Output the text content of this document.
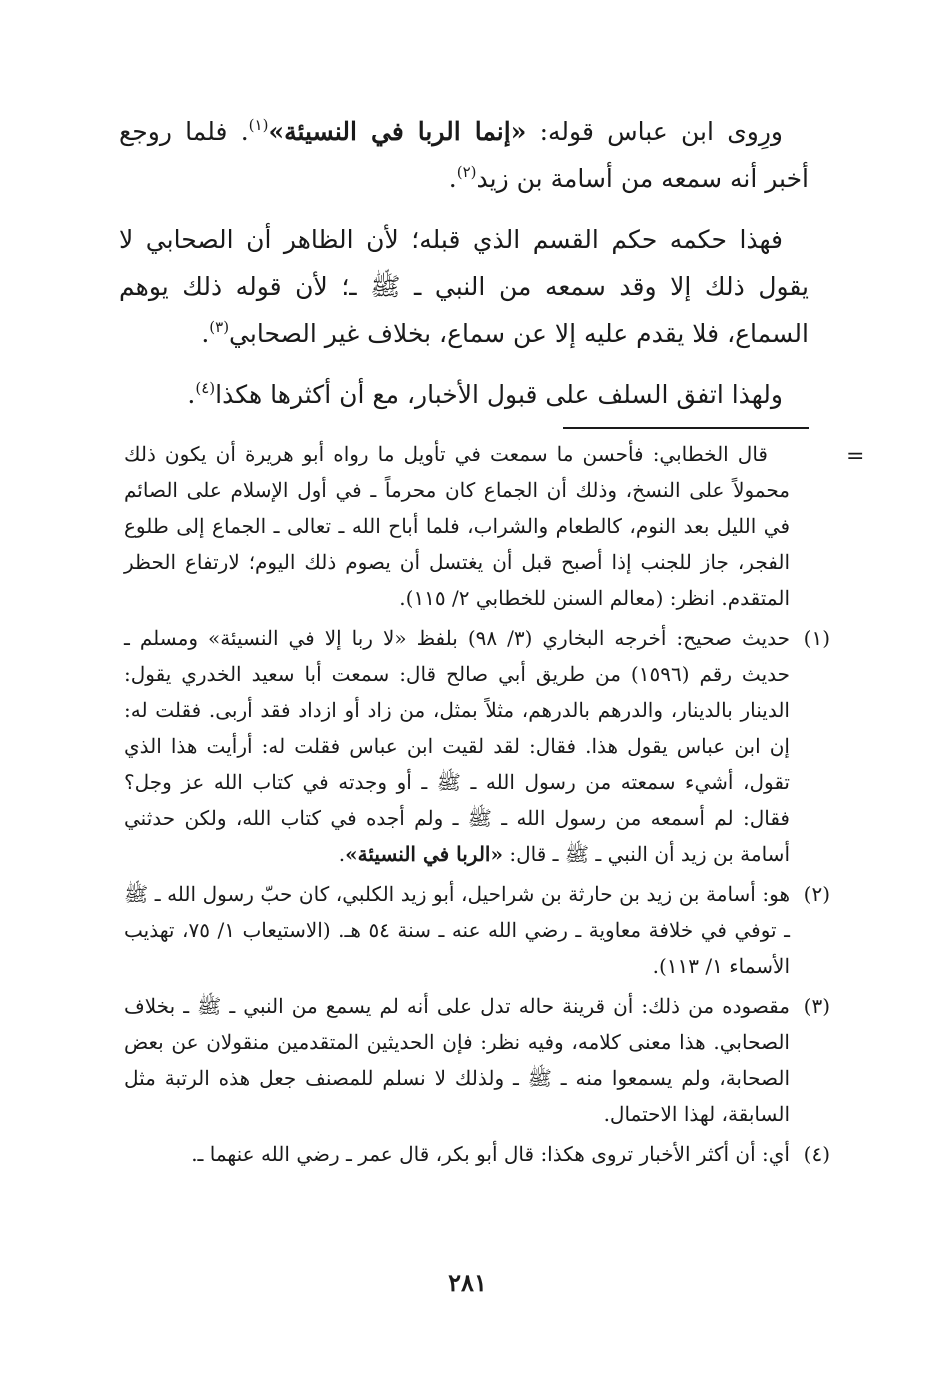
ورِوى ابن عباس قوله: «إنما الربا في النسيئة»$^{(١)}$. فلما روجع أخبر أنه سمعه من أسامة بن زيد$^{(٢)}$.

فهذا حكمه حكم القسم الذي قبله؛ لأن الظاهر أن الصحابي لا يقول ذلك إلا وقد سمعه من النبي ـ ﷺ ـ؛ لأن قوله ذلك يوهم السماع، فلا يقدم عليه إلا عن سماع، بخلاف غير الصحابي$^{(٣)}$.

ولهذا اتفق السلف على قبول الأخبار، مع أن أكثرها هكذا$^{(٤)}$.

=

قال الخطابي: فأحسن ما سمعت في تأويل ما رواه أبو هريرة أن يكون ذلك محمولاً على النسخ، وذلك أن الجماع كان محرماً ـ في أول الإسلام على الصائم في الليل بعد النوم، كالطعام والشراب، فلما أباح الله ـ تعالى ـ الجماع إلى طلوع الفجر، جاز للجنب إذا أصبح قبل أن يغتسل أن يصوم ذلك اليوم؛ لارتفاع الحظر المتقدم. انظر: (معالم السنن للخطابي ٢/ ١١٥).

(١)
حديث صحيح: أخرجه البخاري (٣/ ٩٨) بلفظ «لا ربا إلا في النسيئة» ومسلم ـ حديث رقم (١٥٩٦) من طريق أبي صالح قال: سمعت أبا سعيد الخدري يقول: الدينار بالدينار، والدرهم بالدرهم، مثلاً بمثل، من زاد أو ازداد فقد أربى. فقلت له: إن ابن عباس يقول هذا. فقال: لقد لقيت ابن عباس فقلت له: أرأيت هذا الذي تقول، أشيء سمعته من رسول الله ـ ﷺ ـ أو وجدته في كتاب الله عز وجل؟ فقال: لم أسمعه من رسول الله ـ ﷺ ـ ولم أجده في كتاب الله، ولكن حدثني أسامة بن زيد أن النبي ـ ﷺ ـ قال: «الربا في النسيئة».
(٢)
هو: أسامة بن زيد بن حارثة بن شراحيل، أبو زيد الكلبي، كان حبّ رسول الله ـ ﷺ ـ توفي في خلافة معاوية ـ رضي الله عنه ـ سنة ٥٤ هـ. (الاستيعاب ١/ ٧٥، تهذيب الأسماء ١/ ١١٣).
(٣)
مقصوده من ذلك: أن قرينة حاله تدل على أنه لم يسمع من النبي ـ ﷺ ـ بخلاف الصحابي. هذا معنى كلامه، وفيه نظر: فإن الحديثين المتقدمين منقولان عن بعض الصحابة، ولم يسمعوا منه ـ ﷺ ـ ولذلك لا نسلم للمصنف جعل هذه الرتبة مثل السابقة، لهذا الاحتمال.
(٤)
أي: أن أكثر الأخبار تروى هكذا: قال أبو بكر، قال عمر ـ رضي الله عنهما ـ.
٢٨١
